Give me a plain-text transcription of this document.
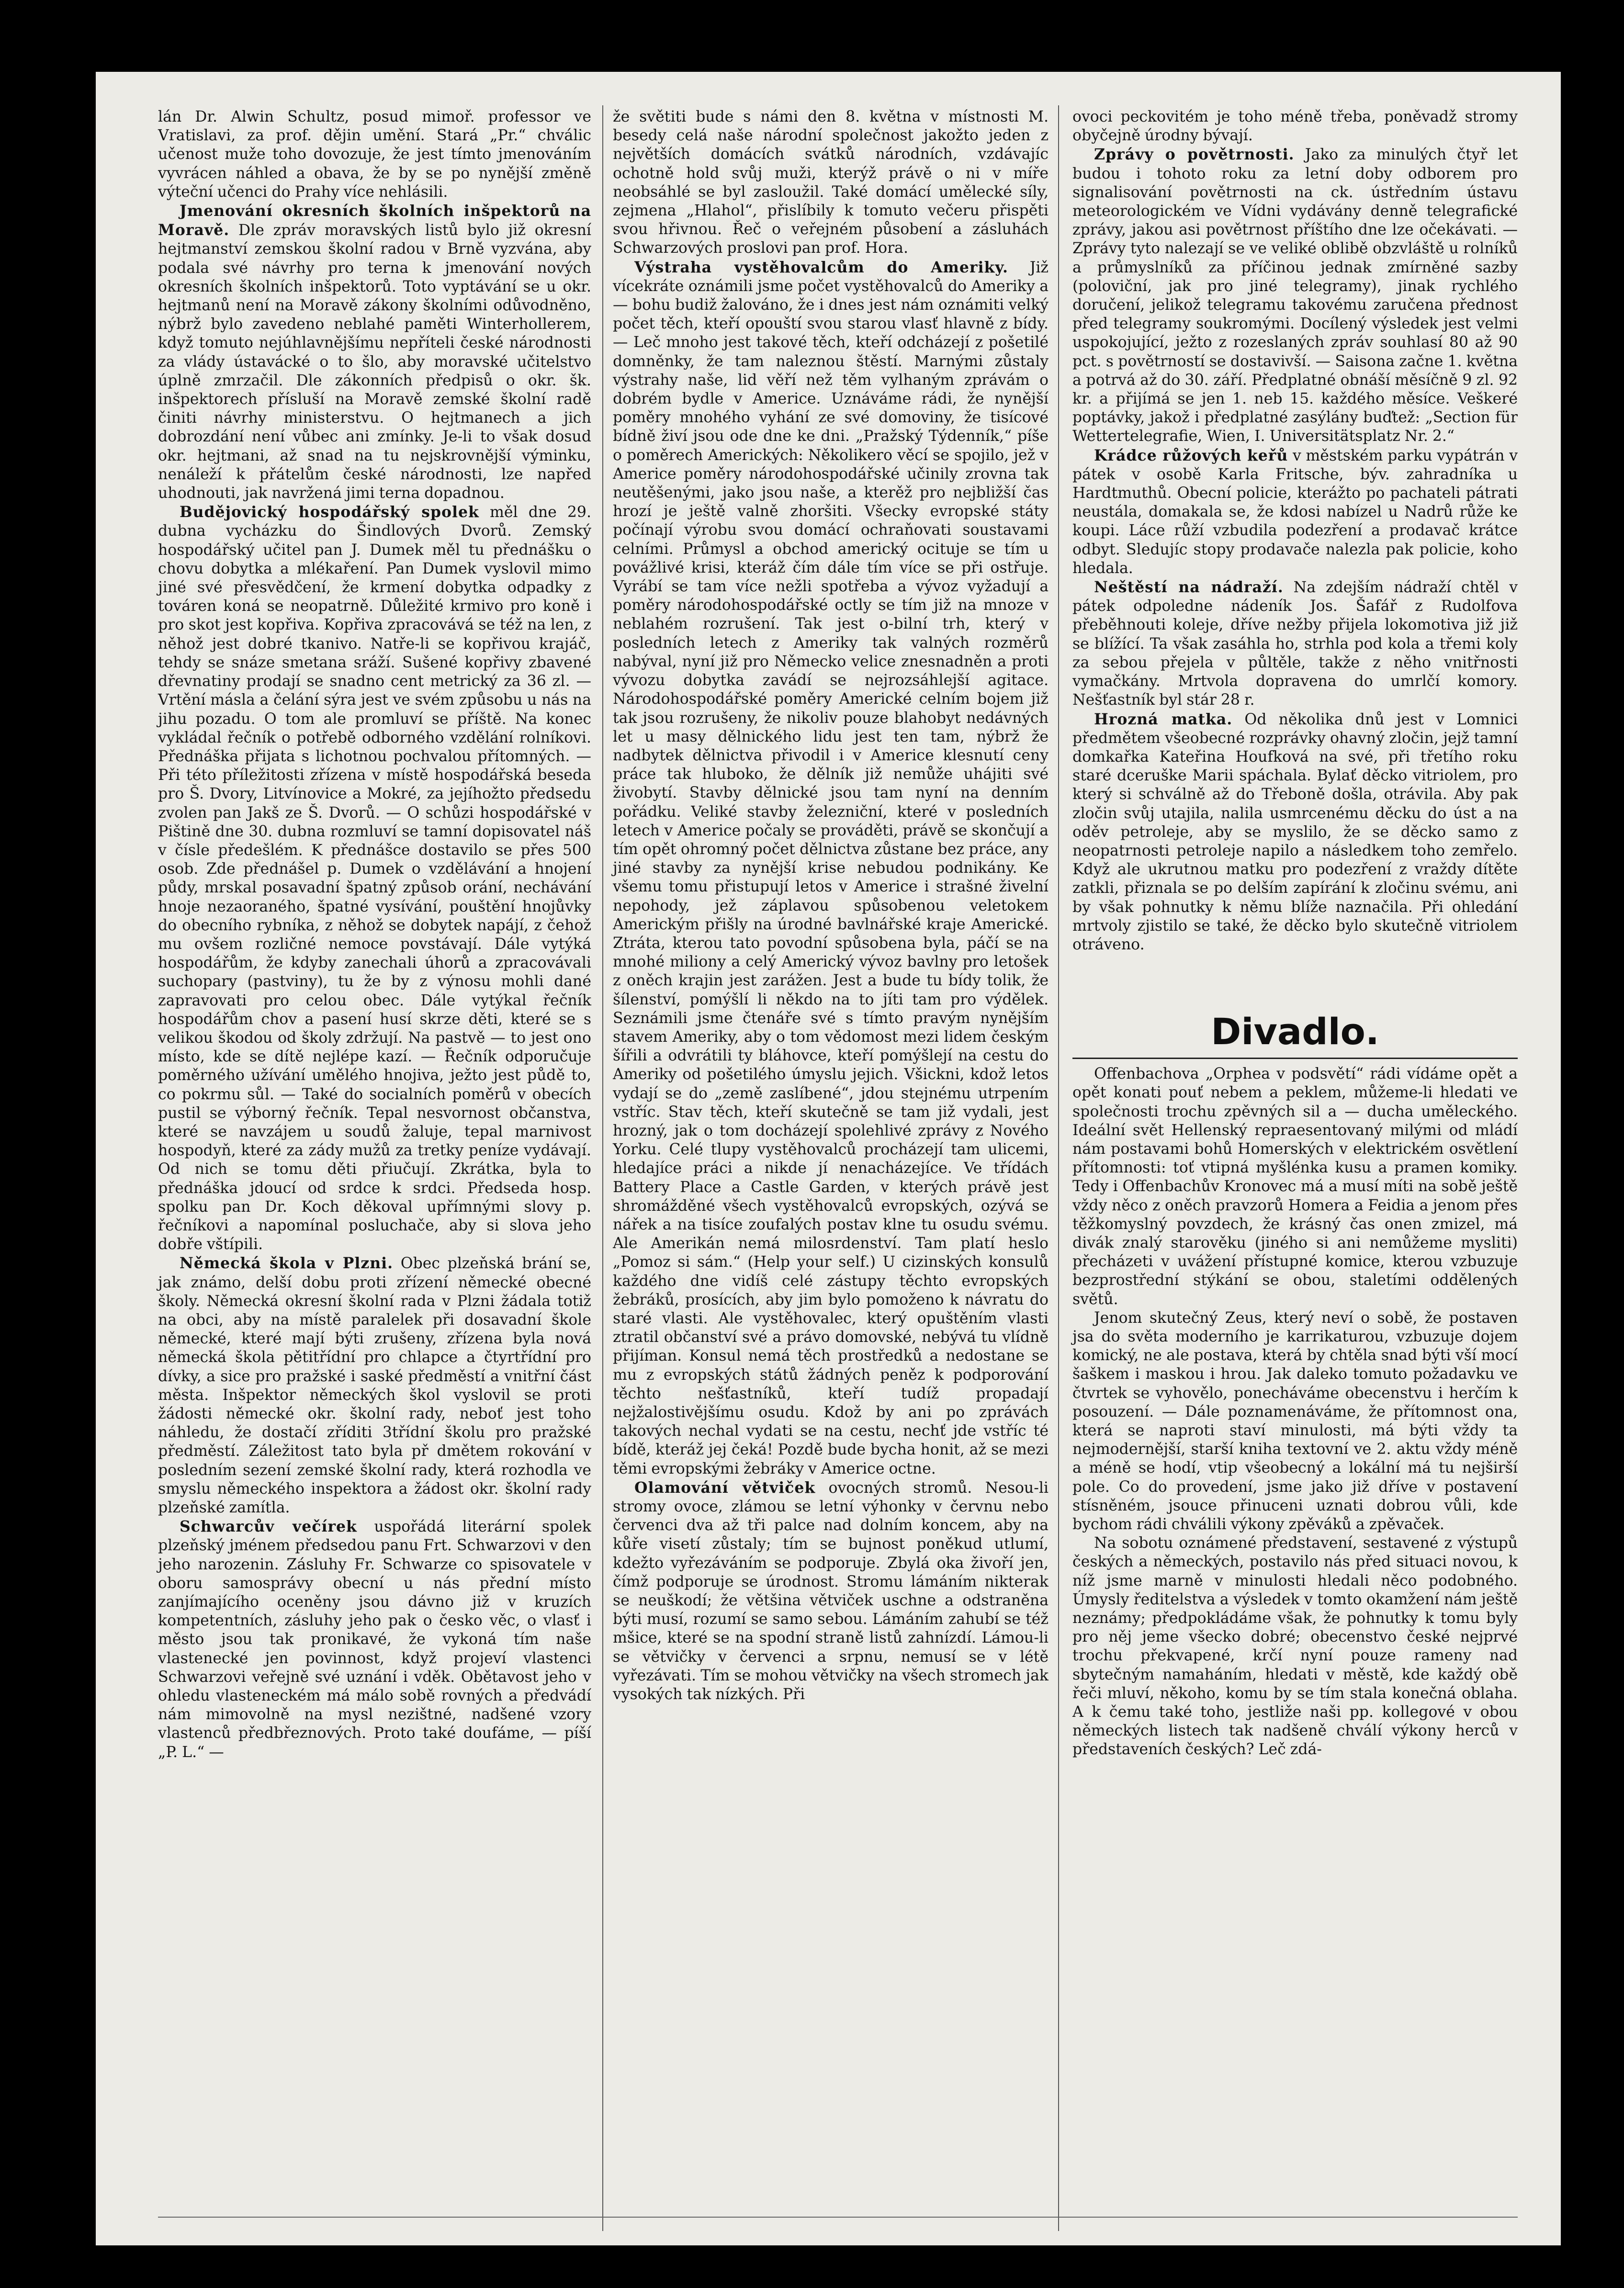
lán Dr. Alwin Schultz, posud mimoř. professor ve Vratislavi, za prof. dějin umění. Stará „Pr.“ chválic učenost muže toho dovozuje, že jest tímto jmenováním vyvrácen náhled a obava, že by se po nynější změně výteční učenci do Prahy více nehlásili.

Jmenování okresních školních inšpektorů na Moravě. Dle zpráv moravských listů bylo již okresní hejtmanství zemskou školní radou v Brně vyzvána, aby podala své návrhy pro terna k jmenování nových okresních školních inšpektorů. Toto vyptávání se u okr. hejtmanů není na Moravě zákony školními odůvodněno, nýbrž bylo zavedeno neblahé paměti Winterhollerem, když tomuto nejúhlavnějšímu nepříteli české národnosti za vlády ústavácké o to šlo, aby moravské učitelstvo úplně zmrzačil. Dle zákonních předpisů o okr. šk. inšpektorech přísluší na Moravě zemské školní radě činiti návrhy ministerstvu. O hejtmanech a jich dobrozdání není vůbec ani zmínky. Je-li to však dosud okr. hejtmani, až snad na tu nejskrovnější výminku, nenáleží k přátelům české národnosti, lze napřed uhodnouti, jak navržená jimi terna dopadnou.

Budějovický hospodářský spolek měl dne 29. dubna vycházku do Šindlových Dvorů. Zemský hospodářský učitel pan J. Dumek měl tu přednášku o chovu dobytka a mlékaření. Pan Dumek vyslovil mimo jiné své přesvědčení, že krmení dobytka odpadky z továren koná se neopatrně. Důležité krmivo pro koně i pro skot jest kopřiva. Kopřiva zpracovává se též na len, z něhož jest dobré tkanivo. Natře-li se kopřivou krajáč, tehdy se snáze smetana sráží. Sušené kopřivy zbavené dřevnatiny prodají se snadno cent metrický za 36 zl. — Vrtění másla a čelání sýra jest ve svém způsobu u nás na jihu pozadu. O tom ale promluví se příště. Na konec vykládal řečník o potřebě odborného vzdělání rolníkovi. Přednáška přijata s lichotnou pochvalou přítomných. — Při této příležitosti zřízena v místě hospodářská beseda pro Š. Dvory, Litvínovice a Mokré, za jejíhožto předsedu zvolen pan Jakš ze Š. Dvorů. — O schůzi hospodářské v Pištině dne 30. dubna rozmluví se tamní dopisovatel náš v čísle předešlém. K přednášce dostavilo se přes 500 osob. Zde přednášel p. Dumek o vzdělávání a hnojení půdy, mrskal posavadní špatný způsob orání, nechávání hnoje nezaoraného, špatné vysívání, pouštění hnojůvky do obecního rybníka, z něhož se dobytek napájí, z čehož mu ovšem rozličné nemoce povstávají. Dále vytýká hospodářům, že kdyby zanechali úhorů a zpracovávali suchopary (pastviny), tu že by z výnosu mohli dané zapravovati pro celou obec. Dále vytýkal řečník hospodářům chov a pasení husí skrze děti, které se s velikou škodou od školy zdržují. Na pastvě — to jest ono místo, kde se dítě nejlépe kazí. — Řečník odporučuje poměrného užívání umělého hnojiva, ježto jest půdě to, co pokrmu sůl. — Také do socialních poměrů v obecích pustil se výborný řečník. Tepal nesvornost občanstva, které se navzájem u soudů žaluje, tepal marnivost hospodyň, které za zády mužů za tretky peníze vydávají. Od nich se tomu děti přiučují. Zkrátka, byla to přednáška jdoucí od srdce k srdci. Předseda hosp. spolku pan Dr. Koch děkoval upřímnými slovy p. řečníkovi a napomínal posluchače, aby si slova jeho dobře vštípili.

Německá škola v Plzni. Obec plzeňská brání se, jak známo, delší dobu proti zřízení německé obecné školy. Německá okresní školní rada v Plzni žádala totiž na obci, aby na místě paralelek při dosavadní škole německé, které mají býti zrušeny, zřízena byla nová německá škola pětitřídní pro chlapce a čtyrtřídní pro dívky, a sice pro pražské i saské předměstí a vnitřní část města. Inšpektor německých škol vyslovil se proti žádosti německé okr. školní rady, neboť jest toho náhledu, že dostačí zříditi 3třídní školu pro pražské předměstí. Záležitost tato byla př dmětem rokování v posledním sezení zemské školní rady, která rozhodla ve smyslu německého inspektora a žádost okr. školní rady plzeňské zamítla.

Schwarcův večírek uspořádá literární spolek plzeňský jménem předsedou panu Frt. Schwarzovi v den jeho narozenin. Zásluhy Fr. Schwarze co spisovatele v oboru samosprávy obecní u nás přední místo zanjímajícího oceněny jsou dávno již v kruzích kompetentních, zásluhy jeho pak o česko věc, o vlasť i město jsou tak pronikavé, že vykoná tím naše vlastenecké jen povinnost, když projeví vlastenci Schwarzovi veřejně své uznání i vděk. Obětavost jeho v ohledu vlasteneckém má málo sobě rovných a předvádí nám mimovolně na mysl nezištné, nadšené vzory vlastenců předbřeznových. Proto také doufáme, — píší „P. L.“ —

že světiti bude s námi den 8. května v místnosti M. besedy celá naše národní společnost jakožto jeden z největších domácích svátků národních, vzdávajíc ochotně hold svůj muži, kterýž právě o ni v míře neobsáhlé se byl zasloužil. Také domácí umělecké síly, zejmena „Hlahol“, přislíbily k tomuto večeru přispěti svou hřivnou. Řeč o veřejném působení a zásluhách Schwarzových proslovi pan prof. Hora.

Výstraha vystěhovalcům do Ameriky. Již vícekráte oznámili jsme počet vystěhovalců do Ameriky a — bohu budiž žalováno, že i dnes jest nám oznámiti velký počet těch, kteří opouští svou starou vlasť hlavně z bídy. — Leč mnoho jest takové těch, kteří odcházejí z pošetilé domněnky, že tam naleznou štěstí. Marnými zůstaly výstrahy naše, lid věří než těm vylhaným zprávám o dobrém bydle v Americe. Uznáváme rádi, že nynější poměry mnohého vyhání ze své domoviny, že tisícové bídně živí jsou ode dne ke dni. „Pražský Týdenník,“ píše o poměrech Amerických: Několikero věcí se spojilo, jež v Americe poměry národohospodářské učinily zrovna tak neutěšenými, jako jsou naše, a kterěž pro nejbližší čas hrozí je ještě valně zhoršiti. Všecky evropské státy počínají výrobu svou domácí ochraňovati soustavami celními. Průmysl a obchod americký ocituje se tím u povážlivé krisi, kteráž čím dále tím více se při ostřuje. Vyrábí se tam více nežli spotřeba a vývoz vyžadují a poměry národohospodářské octly se tím již na mnoze v neblahém rozrušení. Tak jest o-bilní trh, který v posledních letech z Ameriky tak valných rozměrů nabýval, nyní již pro Německo velice znesnadněn a proti vývozu dobytka zavádí se nejrozsáhlejší agitace. Národohospodářské poměry Americké celním bojem již tak jsou rozrušeny, že nikoliv pouze blahobyt nedávných let u masy dělnického lidu jest ten tam, nýbrž že nadbytek dělnictva přivodil i v Americe klesnutí ceny práce tak hluboko, že dělník již nemůže uhájiti své živobytí. Stavby dělnické jsou tam nyní na denním pořádku. Veliké stavby železniční, které v posledních letech v Americe počaly se prováděti, právě se skončují a tím opět ohromný počet dělnictva zůstane bez práce, any jiné stavby za nynější krise nebudou podnikány. Ke všemu tomu přistupují letos v Americe i strašné živelní nepohody, jež záplavou spůsobenou veletokem Americkým přišly na úrodné bavlnářské kraje Americké. Ztráta, kterou tato povodní spůsobena byla, páčí se na mnohé miliony a celý Americký vývoz bavlny pro letošek z oněch krajin jest zarážen. Jest a bude tu bídy tolik, že šílenství, pomýšlí li někdo na to jíti tam pro výdělek. Seznámili jsme čtenáře své s tímto pravým nynějším stavem Ameriky, aby o tom vědomost mezi lidem českým šířili a odvrátili ty bláhovce, kteří pomýšlejí na cestu do Ameriky od pošetilého úmyslu jejich. Všickni, kdož letos vydají se do „země zaslíbené“, jdou stejnému utrpením vstříc. Stav těch, kteří skutečně se tam již vydali, jest hrozný, jak o tom docházejí spolehlivé zprávy z Nového Yorku. Celé tlupy vystěhovalců procházejí tam ulicemi, hledajíce práci a nikde jí nenacházejíce. Ve třídách Battery Place a Castle Garden, v kterých právě jest shromážděné všech vystěhovalců evropských, ozývá se nářek a na tisíce zoufalých postav klne tu osudu svému. Ale Amerikán nemá milosrdenství. Tam platí heslo „Pomoz si sám.“ (Help your self.) U cizinských konsulů každého dne vidíš celé zástupy těchto evropských žebráků, prosících, aby jim bylo pomoženo k návratu do staré vlasti. Ale vystěhovalec, který opuštěním vlasti ztratil občanství své a právo domovské, nebývá tu vlídně přijíman. Konsul nemá těch prostředků a nedostane se mu z evropských států žádných peněz k podporování těchto nešťastníků, kteří tudíž propadají nejžalostivějšímu osudu. Kdož by ani po zprávách takových nechal vydati se na cestu, nechť jde vstříc té bídě, kteráž jej čeká! Pozdě bude bycha honit, až se mezi těmi evropskými žebráky v Americe octne.

Olamování větviček ovocných stromů. Nesou-li stromy ovoce, zlámou se letní výhonky v červnu nebo červenci dva až tři palce nad dolním koncem, aby na kůře visetí zůstaly; tím se bujnost poněkud utlumí, kdežto vyřezáváním se podporuje. Zbylá oka živoří jen, čímž podporuje se úrodnost. Stromu lámáním nikterak se neuškodí; že většina větviček uschne a odstraněna býti musí, rozumí se samo sebou. Lámáním zahubí se též mšice, které se na spodní straně listů zahnízdí. Lámou-li se větvičky v červenci a srpnu, nemusí se v létě vyřezávati. Tím se mohou větvičky na všech stromech jak vysokých tak nízkých. Při

ovoci peckovitém je toho méně třeba, poněvadž stromy obyčejně úrodny bývají.

Zprávy o povětrnosti. Jako za minulých čtyř let budou i tohoto roku za letní doby odborem pro signalisování povětrnosti na ck. ústředním ústavu meteorologickém ve Vídni vydávány denně telegrafické zprávy, jakou asi povětrnost příštího dne lze očekávati. — Zprávy tyto nalezají se ve veliké oblibě obzvláště u rolníků a průmyslníků za příčinou jednak zmírněné sazby (poloviční, jak pro jiné telegramy), jinak rychlého doručení, jelikož telegramu takovému zaručena přednost před telegramy soukromými. Docílený výsledek jest velmi uspokojující, ježto z rozeslaných zpráv souhlasí 80 až 90 pct. s povětrností se dostavivší. — Saisona začne 1. května a potrvá až do 30. září. Předplatné obnáší měsíčně 9 zl. 92 kr. a přijímá se jen 1. neb 15. každého měsíce. Veškeré poptávky, jakož i předplatné zasýlány buďtež: „Section für Wettertelegrafie, Wien, I. Universitätsplatz Nr. 2.“

Krádce růžových keřů v městském parku vypátrán v pátek v osobě Karla Fritsche, býv. zahradníka u Hardtmuthů. Obecní policie, kterážto po pachateli pátrati neustála, domakala se, že kdosi nabízel u Nadrů růže ke koupi. Láce růží vzbudila podezření a prodavač krátce odbyt. Sledujíc stopy prodavače nalezla pak policie, koho hledala.

Neštěstí na nádraží. Na zdejším nádraží chtěl v pátek odpoledne nádeník Jos. Šafář z Rudolfova přeběhnouti koleje, dříve nežby přijela lokomotiva již již se blížící. Ta však zasáhla ho, strhla pod kola a třemi koly za sebou přejela v půltěle, takže z něho vnitřnosti vymačkány. Mrtvola dopravena do umrlčí komory. Nešťastník byl stár 28 r.

Hrozná matka. Od několika dnů jest v Lomnici předmětem všeobecné rozprávky ohavný zločin, jejž tamní domkařka Kateřina Houfková na své, při třetího roku staré dceruške Marii spáchala. Bylať děcko vitriolem, pro který si schválně až do Třeboně došla, otrávila. Aby pak zločin svůj utajila, nalila usmrcenému děcku do úst a na oděv petroleje, aby se myslilo, že se děcko samo z neopatrnosti petroleje napilo a následkem toho zemřelo. Když ale ukrutnou matku pro podezření z vraždy dítěte zatkli, přiznala se po delším zapírání k zločinu svému, ani by však pohnutky k němu blíže naznačila. Při ohledání mrtvoly zjistilo se také, že děcko bylo skutečně vitriolem otráveno.

Divadlo.

Offenbachova „Orphea v podsvětí“ rádi vídáme opět a opět konati pouť nebem a peklem, můžeme-li hledati ve společnosti trochu zpěvných sil a — ducha uměleckého. Ideální svět Hellenský repraesentovaný milými od mládí nám postavami bohů Homerských v elektrickém osvětlení přítomnosti: toť vtipná myšlénka kusu a pramen komiky. Tedy i Offenbachův Kronovec má a musí míti na sobě ještě vždy něco z oněch pravzorů Homera a Feidia a jenom přes těžkomyslný povzdech, že krásný čas onen zmizel, má divák znalý starověku (jiného si ani nemůžeme mysliti) přecházeti v uvážení přístupné komice, kterou vzbuzuje bezprostřední stýkání se obou, staletími oddělených světů.

Jenom skutečný Zeus, který neví o sobě, že postaven jsa do světa moderního je karrikaturou, vzbuzuje dojem komický, ne ale postava, která by chtěla snad býti vší mocí šaškem i maskou i hrou. Jak daleko tomuto požadavku ve čtvrtek se vyhovělo, ponecháváme obecenstvu i herčím k posouzení. — Dále poznamenáváme, že přítomnost ona, která se naproti staví minulosti, má býti vždy ta nejmodernější, starší kniha textovní ve 2. aktu vždy méně a méně se hodí, vtip všeobecný a lokální má tu nejširší pole. Co do provedení, jsme jako již dříve v postavení stísněném, jsouce přinuceni uznati dobrou vůli, kde bychom rádi chválili výkony zpěváků a zpěvaček.

Na sobotu oznámené představení, sestavené z výstupů českých a německých, postavilo nás před situaci novou, k níž jsme marně v minulosti hledali něco podobného. Úmysly ředitelstva a výsledek v tomto okamžení nám ještě neznámy; předpokládáme však, že pohnutky k tomu byly pro něj jeme všecko dobré; obecenstvo české nejprvé trochu překvapené, krčí nyní pouze rameny nad sbytečným namaháním, hledati v městě, kde každý obě řeči mluví, někoho, komu by se tím stala konečná oblaha. A k čemu také toho, jestliže naši pp. kollegové v obou německých listech tak nadšeně chválí výkony herců v představeních českých? Leč zdá-
